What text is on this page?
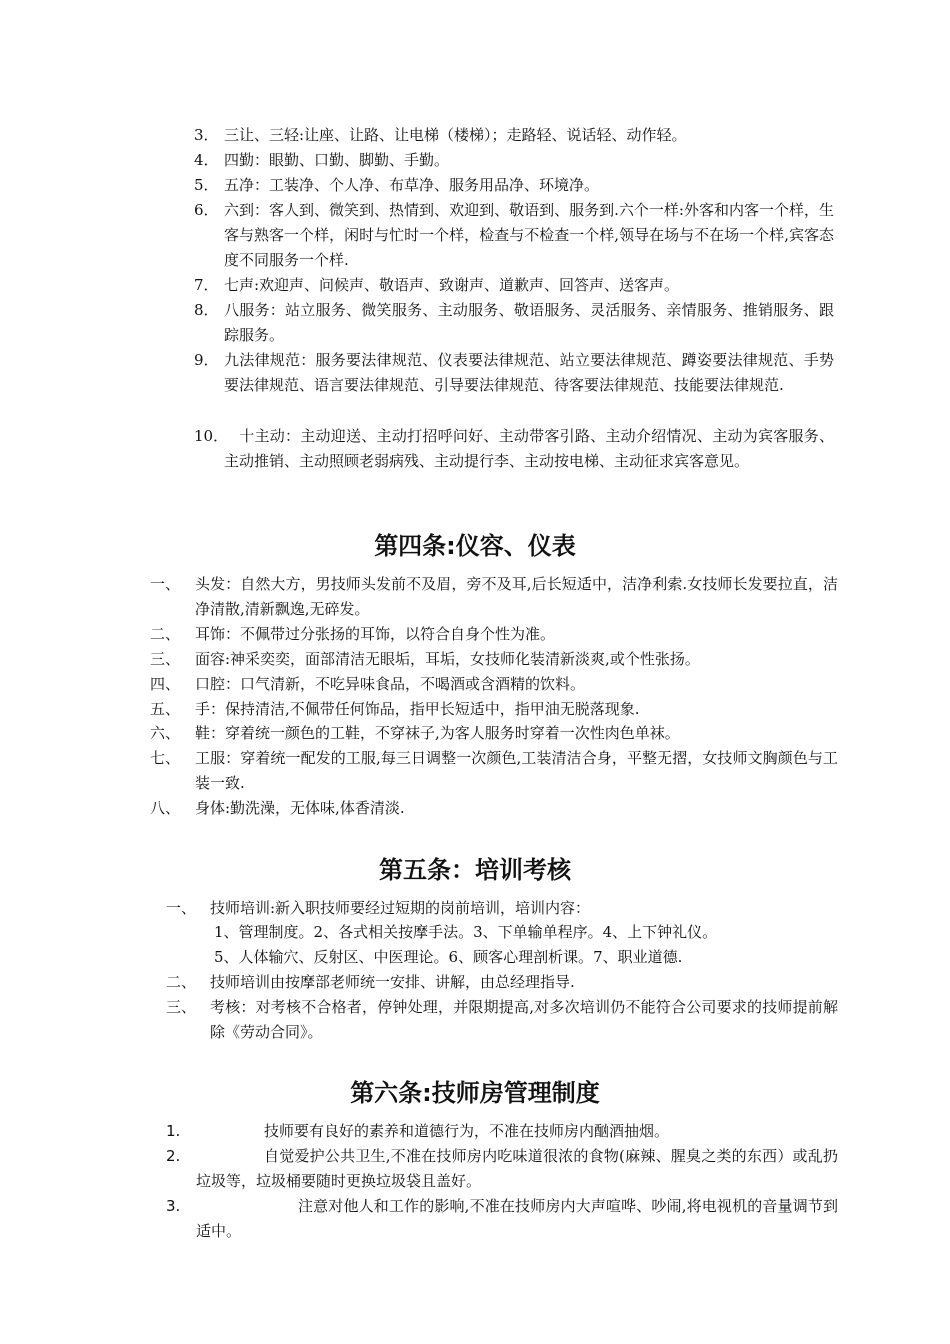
3． 三让、三轻:让座、让路、让电梯（楼梯）；走路轻、说话轻、动作轻。
4． 四勤：眼勤、口勤、脚勤、手勤。
5． 五净：工装净、个人净、布草净、服务用品净、环境净。
6． 六到：客人到、微笑到、热情到、欢迎到、敬语到、服务到.六个一样:外客和内客一个样，生客与熟客一个样，闲时与忙时一个样，检查与不检查一个样,领导在场与不在场一个样,宾客态度不同服务一个样.
7． 七声:欢迎声、问候声、敬语声、致谢声、道歉声、回答声、送客声。
8． 八服务：站立服务、微笑服务、主动服务、敬语服务、灵活服务、亲情服务、推销服务、跟踪服务。
9． 九法律规范：服务要法律规范、仪表要法律规范、站立要法律规范、蹲姿要法律规范、手势要法律规范、语言要法律规范、引导要法律规范、待客要法律规范、技能要法律规范.
10．
　十主动：主动迎送、主动打招呼问好、主动带客引路、主动介绍情况、主动为宾客服务、主动推销、主动照顾老弱病残、主动提行李、主动按电梯、主动征求宾客意见。
第四条:仪容、仪表
一、 头发：自然大方，男技师头发前不及眉，旁不及耳,后长短适中，洁净利索.女技师长发要拉直，洁净清散,清新飘逸,无碎发。
二、 耳饰：不佩带过分张扬的耳饰，以符合自身个性为准。
三、 面容:神采奕奕，面部清洁无眼垢，耳垢，女技师化装清新淡爽,或个性张扬。
四、 口腔：口气清新，不吃异味食品，不喝酒或含酒精的饮料。
五、 手：保持清洁,不佩带任何饰品，指甲长短适中，指甲油无脱落现象.
六、 鞋：穿着统一颜色的工鞋，不穿袜子,为客人服务时穿着一次性肉色单袜。
七、 工服：穿着统一配发的工服,每三日调整一次颜色,工装清洁合身，平整无摺，女技师文胸颜色与工装一致.
八、 身体:勤洗澡，无体味,体香清淡.
第五条：培训考核
一、 技师培训:新入职技师要经过短期的岗前培训，培训内容：
1、管理制度。2、各式相关按摩手法。3、下单输单程序。4、上下钟礼仪。
5、人体输穴、反射区、中医理论。6、顾客心理剖析课。7、职业道德.
二、 技师培训由按摩部老师统一安排、讲解，由总经理指导.
三、 考核：对考核不合格者，停钟处理，并限期提高,对多次培训仍不能符合公司要求的技师提前解除《劳动合同》。
第六条:技师房管理制度
1.	技师要有良好的素养和道德行为，不准在技师房内酗酒抽烟。
2.	自觉爱护公共卫生,不准在技师房内吃味道很浓的食物(麻辣、腥臭之类的东西）或乱扔垃圾等，垃圾桶要随时更换垃圾袋且盖好。
3.	注意对他人和工作的影响,不准在技师房内大声喧哗、吵闹,将电视机的音量调节到适中。
